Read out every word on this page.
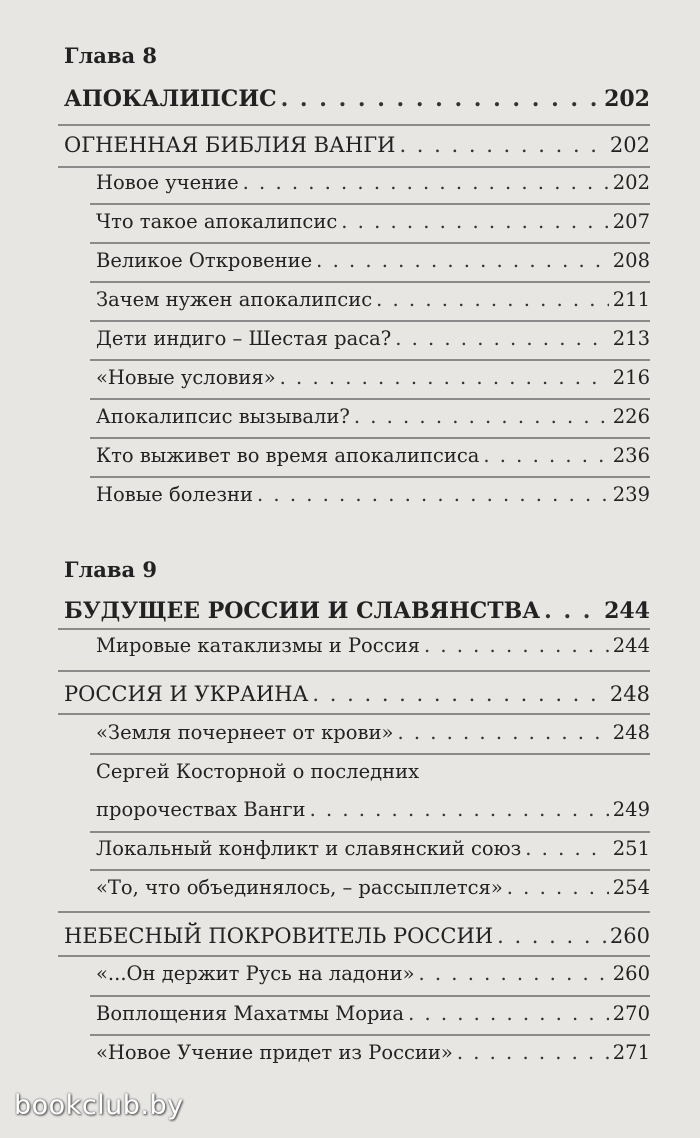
Глава 8
АПОКАЛИПСИС . . .	202
ОГНЕННАЯ БИБЛИЯ ВАНГИ . . .	202
Новое учение . . .	202
Что такое апокалипсис . . .	207
Великое Откровение . . .	208
Зачем нужен апокалипсис . . .	211
Дети индиго – Шестая раса? . . .	213
«Новые условия» . . .	216
Апокалипсис вызывали? . . .	226
Кто выживет во время апокалипсиса . . .	236
Новые болезни . . .	239
Глава 9
БУДУЩЕЕ РОССИИ И СЛАВЯНСТВА . . .	244
Мировые катаклизмы и Россия . . .	244
РОССИЯ И УКРАИНА . . .	248
«Земля почернеет от крови» . . .	248
Сергей Косторной о последних
пророчествах Ванги . . .	249
Локальный конфликт и славянский союз . . .	251
«То, что объединялось, – рассыплется» . . .	254
НЕБЕСНЫЙ ПОКРОВИТЕЛЬ РОССИИ . . .	260
«...Он держит Русь на ладони» . . .	260
Воплощения Махатмы Мориа . . .	270
«Новое Учение придет из России» . . .	271
bookclub.by
